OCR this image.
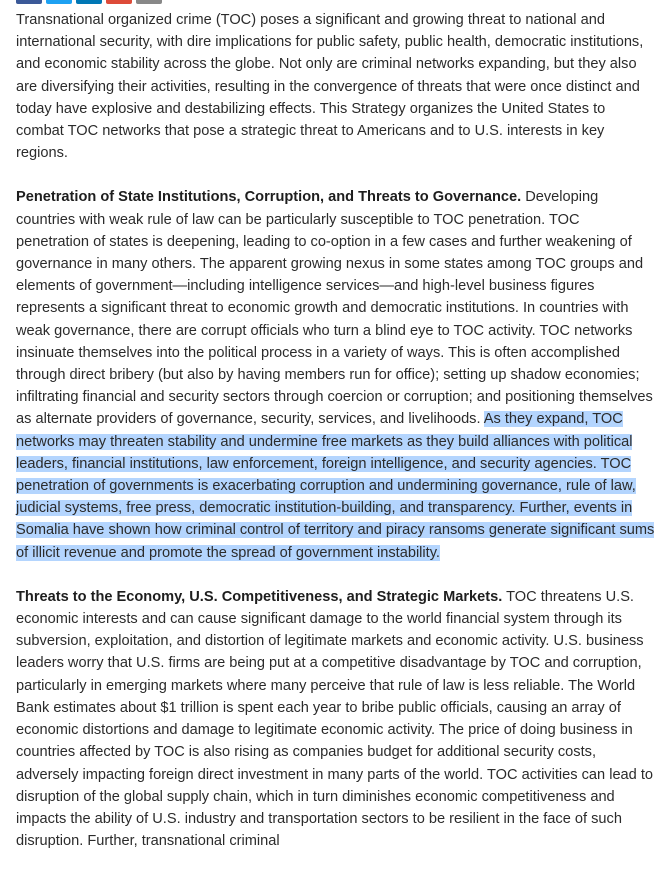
Transnational organized crime (TOC) poses a significant and growing threat to national and international security, with dire implications for public safety, public health, democratic institutions, and economic stability across the globe. Not only are criminal networks expanding, but they also are diversifying their activities, resulting in the convergence of threats that were once distinct and today have explosive and destabilizing effects. This Strategy organizes the United States to combat TOC networks that pose a strategic threat to Americans and to U.S. interests in key regions.

Penetration of State Institutions, Corruption, and Threats to Governance. Developing countries with weak rule of law can be particularly susceptible to TOC penetration. TOC penetration of states is deepening, leading to co-option in a few cases and further weakening of governance in many others. The apparent growing nexus in some states among TOC groups and elements of government—including intelligence services—and high-level business figures represents a significant threat to economic growth and democratic institutions. In countries with weak governance, there are corrupt officials who turn a blind eye to TOC activity. TOC networks insinuate themselves into the political process in a variety of ways. This is often accomplished through direct bribery (but also by having members run for office); setting up shadow economies; infiltrating financial and security sectors through coercion or corruption; and positioning themselves as alternate providers of governance, security, services, and livelihoods. As they expand, TOC networks may threaten stability and undermine free markets as they build alliances with political leaders, financial institutions, law enforcement, foreign intelligence, and security agencies. TOC penetration of governments is exacerbating corruption and undermining governance, rule of law, judicial systems, free press, democratic institution-building, and transparency. Further, events in Somalia have shown how criminal control of territory and piracy ransoms generate significant sums of illicit revenue and promote the spread of government instability.

Threats to the Economy, U.S. Competitiveness, and Strategic Markets. TOC threatens U.S. economic interests and can cause significant damage to the world financial system through its subversion, exploitation, and distortion of legitimate markets and economic activity. U.S. business leaders worry that U.S. firms are being put at a competitive disadvantage by TOC and corruption, particularly in emerging markets where many perceive that rule of law is less reliable. The World Bank estimates about $1 trillion is spent each year to bribe public officials, causing an array of economic distortions and damage to legitimate economic activity. The price of doing business in countries affected by TOC is also rising as companies budget for additional security costs, adversely impacting foreign direct investment in many parts of the world. TOC activities can lead to disruption of the global supply chain, which in turn diminishes economic competitiveness and impacts the ability of U.S. industry and transportation sectors to be resilient in the face of such disruption. Further, transnational criminal
